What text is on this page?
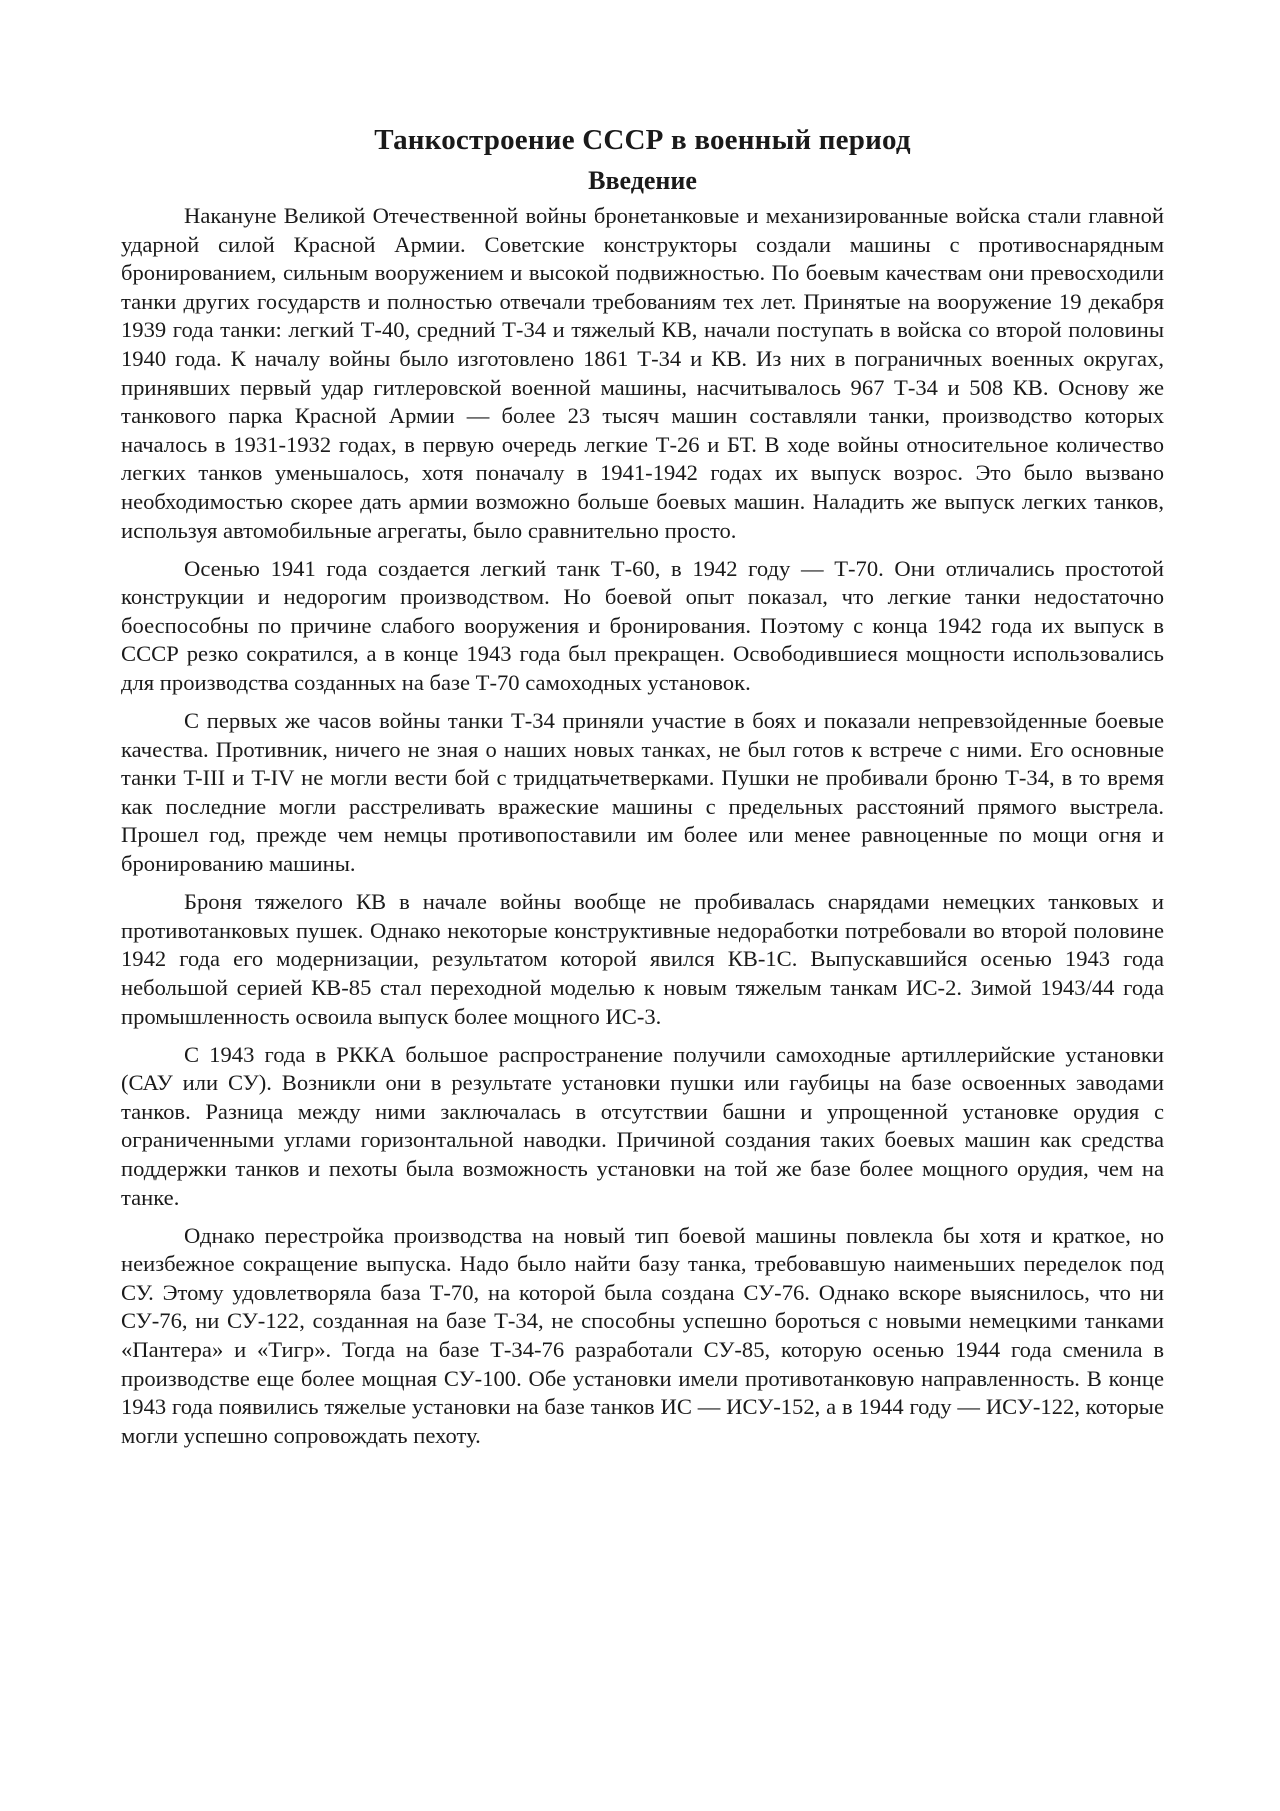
Танкостроение СССР в военный период
Введение

Накануне Великой Отечественной войны бронетанковые и механизированные войска стали главной ударной силой Красной Армии. Советские конструкторы создали машины с противоснарядным бронированием, сильным вооружением и высокой подвижностью. По боевым качествам они превосходили танки других государств и полностью отвечали требованиям тех лет. Принятые на вооружение 19 декабря 1939 года танки: легкий Т-40, средний Т-34 и тяжелый КВ, начали поступать в войска со второй половины 1940 года. К началу войны было изготовлено 1861 Т-34 и КВ. Из них в пограничных военных округах, принявших первый удар гитлеровской военной машины, насчитывалось 967 Т-34 и 508 КВ. Основу же танкового парка Красной Армии — более 23 тысяч машин составляли танки, производство которых началось в 1931-1932 годах, в первую очередь легкие Т-26 и БТ. В ходе войны относительное количество легких танков уменьшалось, хотя поначалу в 1941-1942 годах их выпуск возрос. Это было вызвано необходимостью скорее дать армии возможно больше боевых машин. Наладить же выпуск легких танков, используя автомобильные агрегаты, было сравнительно просто.

Осенью 1941 года создается легкий танк Т-60, в 1942 году — Т-70. Они отличались простотой конструкции и недорогим производством. Но боевой опыт показал, что легкие танки недостаточно боеспособны по причине слабого вооружения и бронирования. Поэтому с конца 1942 года их выпуск в СССР резко сократился, а в конце 1943 года был прекращен. Освободившиеся мощности использовались для производства созданных на базе Т-70 самоходных установок.

С первых же часов войны танки Т-34 приняли участие в боях и показали непревзойденные боевые качества. Противник, ничего не зная о наших новых танках, не был готов к встрече с ними. Его основные танки T-III и T-IV не могли вести бой с тридцатьчетверками. Пушки не пробивали броню Т-34, в то время как последние могли расстреливать вражеские машины с предельных расстояний прямого выстрела. Прошел год, прежде чем немцы противопоставили им более или менее равноценные по мощи огня и бронированию машины.

Броня тяжелого КВ в начале войны вообще не пробивалась снарядами немецких танковых и противотанковых пушек. Однако некоторые конструктивные недоработки потребовали во второй половине 1942 года его модернизации, результатом которой явился КВ-1С. Выпускавшийся осенью 1943 года небольшой серией КВ-85 стал переходной моделью к новым тяжелым танкам ИС-2. Зимой 1943/44 года промышленность освоила выпуск более мощного ИС-3.

С 1943 года в РККА большое распространение получили самоходные артиллерийские установки (САУ или СУ). Возникли они в результате установки пушки или гаубицы на базе освоенных заводами танков. Разница между ними заключалась в отсутствии башни и упрощенной установке орудия с ограниченными углами горизонтальной наводки. Причиной создания таких боевых машин как средства поддержки танков и пехоты была возможность установки на той же базе более мощного орудия, чем на танке.

Однако перестройка производства на новый тип боевой машины повлекла бы хотя и краткое, но неизбежное сокращение выпуска. Надо было найти базу танка, требовавшую наименьших переделок под СУ. Этому удовлетворяла база Т-70, на которой была создана СУ-76. Однако вскоре выяснилось, что ни СУ-76, ни СУ-122, созданная на базе Т-34, не способны успешно бороться с новыми немецкими танками «Пантера» и «Тигр». Тогда на базе Т-34-76 разработали СУ-85, которую осенью 1944 года сменила в производстве еще более мощная СУ-100. Обе установки имели противотанковую направленность. В конце 1943 года появились тяжелые установки на базе танков ИС — ИСУ-152, а в 1944 году — ИСУ-122, которые могли успешно сопровождать пехоту.
